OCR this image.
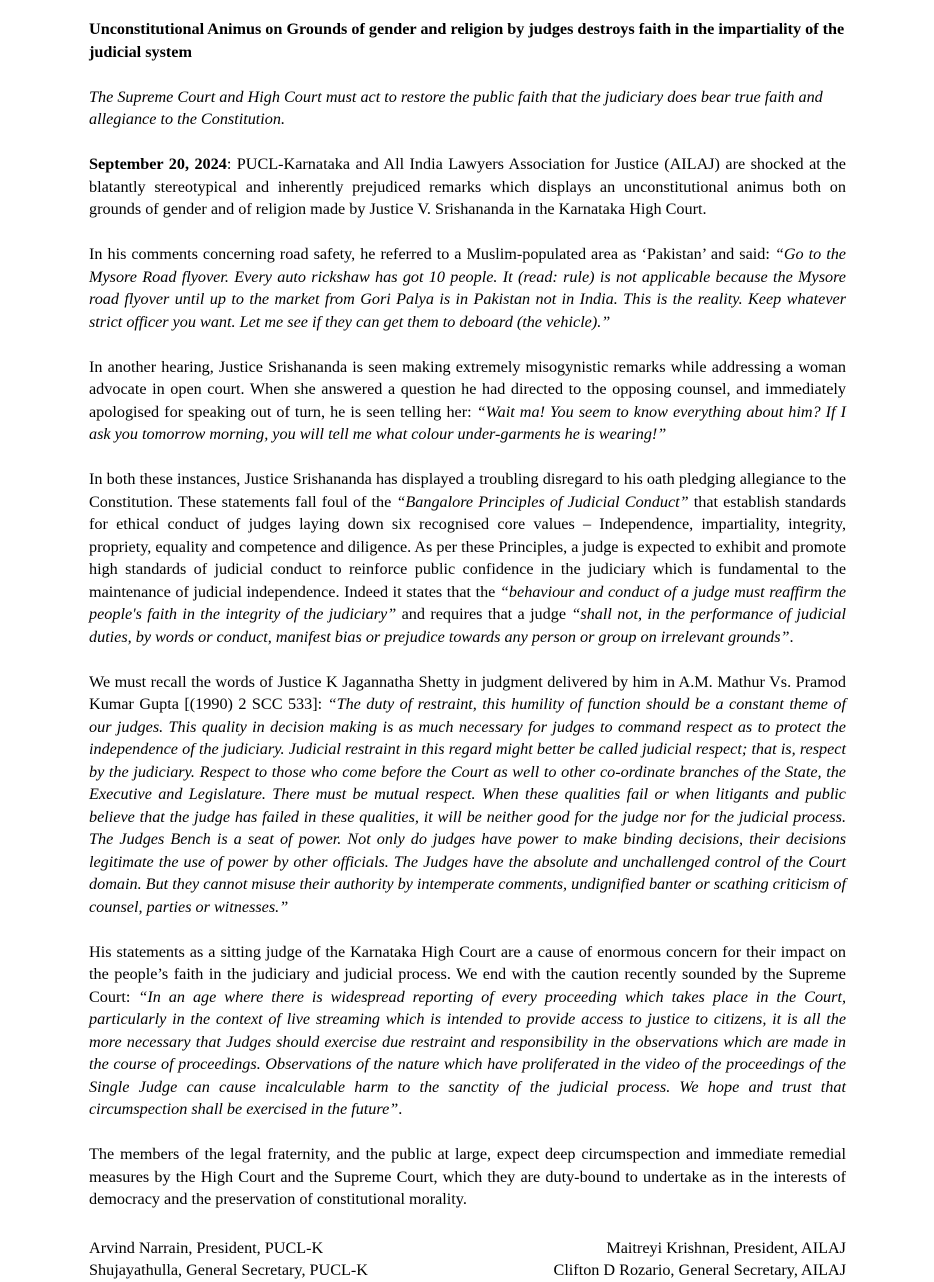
Unconstitutional Animus on Grounds of gender and religion by judges destroys faith in the impartiality of the judicial system

The Supreme Court and High Court must act to restore the public faith that the judiciary does bear true faith and allegiance to the Constitution.

September 20, 2024: PUCL-Karnataka and All India Lawyers Association for Justice (AILAJ) are shocked at the blatantly stereotypical and inherently prejudiced remarks which displays an unconstitutional animus both on grounds of gender and of religion made by Justice V. Srishananda in the Karnataka High Court.

In his comments concerning road safety, he referred to a Muslim-populated area as ‘Pakistan’ and said: “Go to the Mysore Road flyover. Every auto rickshaw has got 10 people. It (read: rule) is not applicable because the Mysore road flyover until up to the market from Gori Palya is in Pakistan not in India. This is the reality. Keep whatever strict officer you want. Let me see if they can get them to deboard (the vehicle).”

In another hearing, Justice Srishananda is seen making extremely misogynistic remarks while addressing a woman advocate in open court. When she answered a question he had directed to the opposing counsel, and immediately apologised for speaking out of turn, he is seen telling her: “Wait ma! You seem to know everything about him? If I ask you tomorrow morning, you will tell me what colour under-garments he is wearing!”

In both these instances, Justice Srishananda has displayed a troubling disregard to his oath pledging allegiance to the Constitution. These statements fall foul of the “Bangalore Principles of Judicial Conduct” that establish standards for ethical conduct of judges laying down six recognised core values – Independence, impartiality, integrity, propriety, equality and competence and diligence. As per these Principles, a judge is expected to exhibit and promote high standards of judicial conduct to reinforce public confidence in the judiciary which is fundamental to the maintenance of judicial independence. Indeed it states that the “behaviour and conduct of a judge must reaffirm the people's faith in the integrity of the judiciary” and requires that a judge “shall not, in the performance of judicial duties, by words or conduct, manifest bias or prejudice towards any person or group on irrelevant grounds”.

We must recall the words of Justice K Jagannatha Shetty in judgment delivered by him in A.M. Mathur Vs. Pramod Kumar Gupta [(1990) 2 SCC 533]: “The duty of restraint, this humility of function should be a constant theme of our judges. This quality in decision making is as much necessary for judges to command respect as to protect the independence of the judiciary. Judicial restraint in this regard might better be called judicial respect; that is, respect by the judiciary. Respect to those who come before the Court as well to other co-ordinate branches of the State, the Executive and Legislature. There must be mutual respect. When these qualities fail or when litigants and public believe that the judge has failed in these qualities, it will be neither good for the judge nor for the judicial process. The Judges Bench is a seat of power. Not only do judges have power to make binding decisions, their decisions legitimate the use of power by other officials. The Judges have the absolute and unchallenged control of the Court domain. But they cannot misuse their authority by intemperate comments, undignified banter or scathing criticism of counsel, parties or witnesses.”

His statements as a sitting judge of the Karnataka High Court are a cause of enormous concern for their impact on the people’s faith in the judiciary and judicial process. We end with the caution recently sounded by the Supreme Court: “In an age where there is widespread reporting of every proceeding which takes place in the Court, particularly in the context of live streaming which is intended to provide access to justice to citizens, it is all the more necessary that Judges should exercise due restraint and responsibility in the observations which are made in the course of proceedings. Observations of the nature which have proliferated in the video of the proceedings of the Single Judge can cause incalculable harm to the sanctity of the judicial process. We hope and trust that circumspection shall be exercised in the future”.

The members of the legal fraternity, and the public at large, expect deep circumspection and immediate remedial measures by the High Court and the Supreme Court, which they are duty-bound to undertake as in the interests of democracy and the preservation of constitutional morality.

Arvind Narrain, President, PUCL-K
Shujayathulla, General Secretary, PUCL-K
Maitreyi Krishnan, President, AILAJ
Clifton D Rozario, General Secretary, AILAJ
